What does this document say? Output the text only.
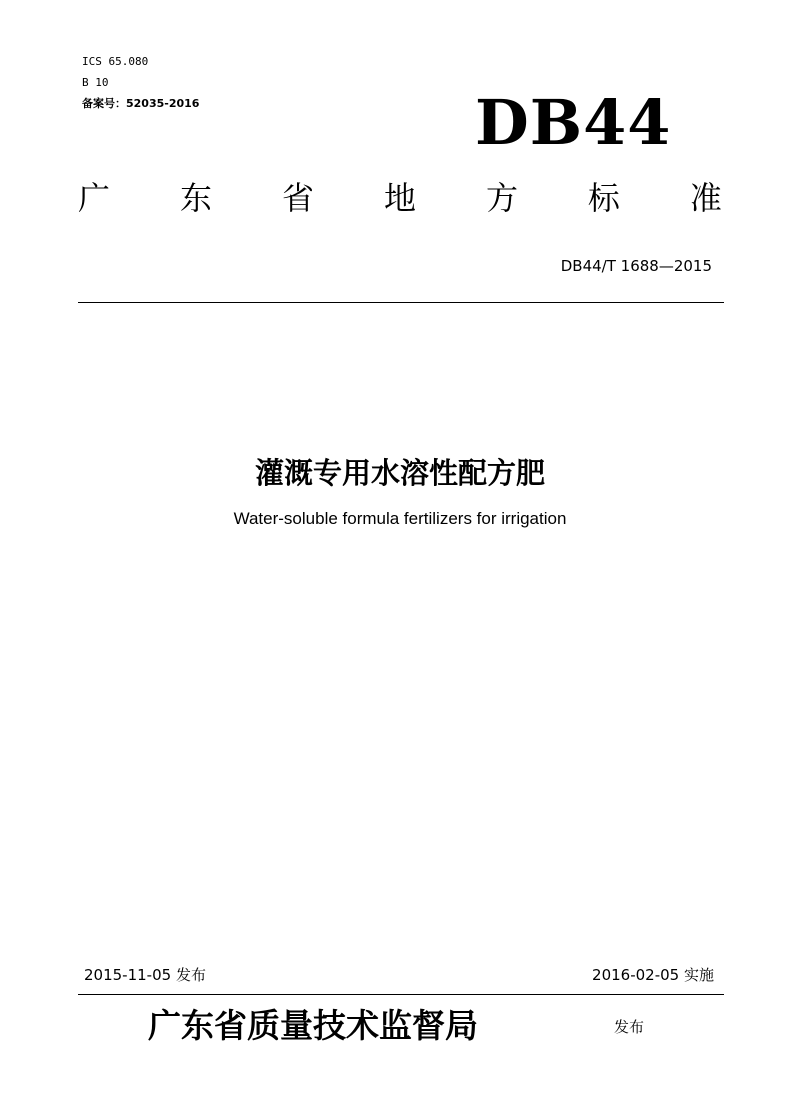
ICS 65.080
B 10
备案号：52035-2016	DB44
广 东 省 地 方 标 准
DB44/T 1688—2015
灌溉专用水溶性配方肥
Water-soluble formula fertilizers for irrigation
2015-11-05 发布	2016-02-05 实施
广东省质量技术监督局	发布
